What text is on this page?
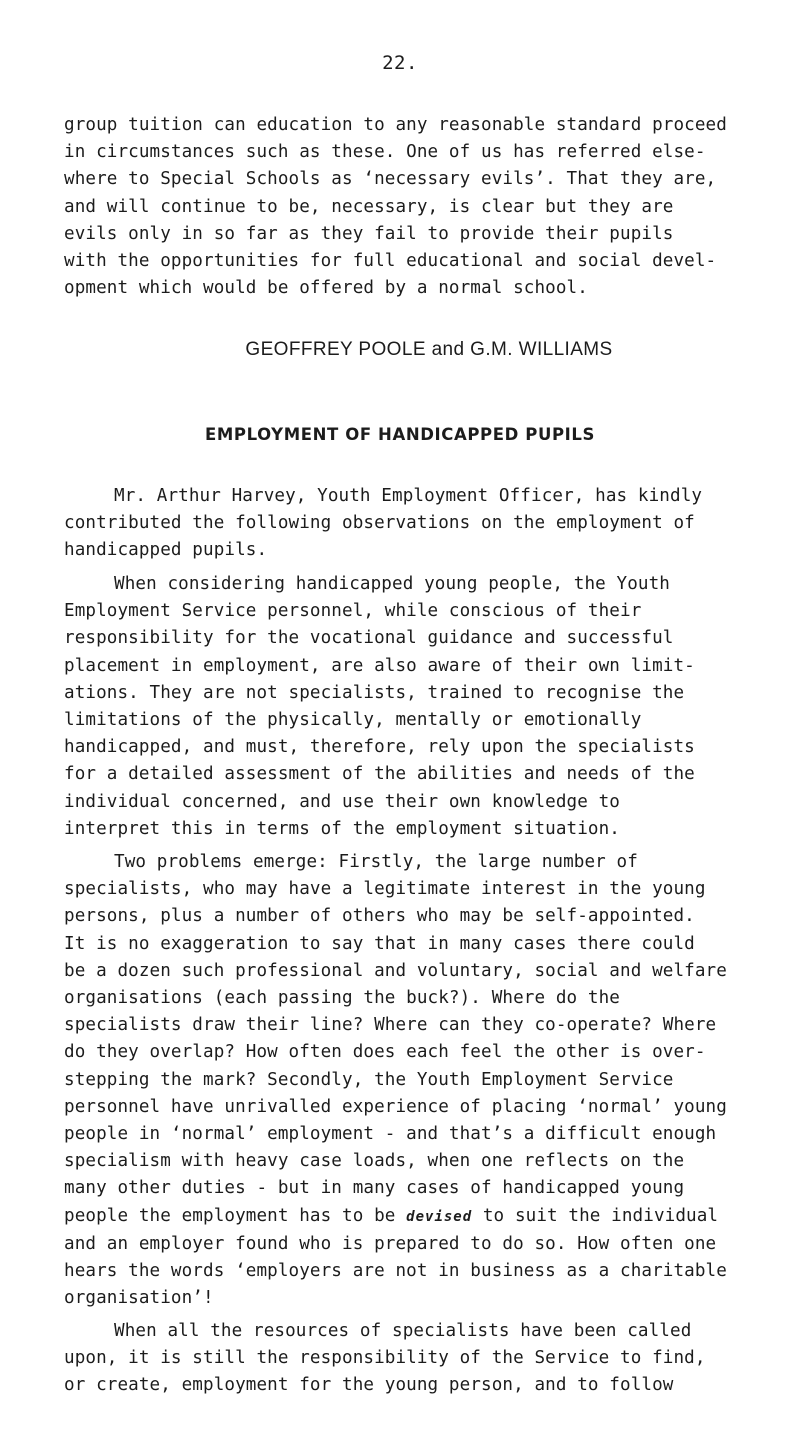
22.
group tuition can education to any reasonable standard proceed
in circumstances such as these. One of us has referred else-
where to Special Schools as ‘necessary evils’. That they are,
and will continue to be, necessary, is clear but they are
evils only in so far as they fail to provide their pupils
with the opportunities for full educational and social devel-
opment which would be offered by a normal school.
GEOFFREY POOLE and G.M. WILLIAMS
EMPLOYMENT OF HANDICAPPED PUPILS
Mr. Arthur Harvey, Youth Employment Officer, has kindly
contributed the following observations on the employment of
handicapped pupils.
When considering handicapped young people, the Youth
Employment Service personnel, while conscious of their
responsibility for the vocational guidance and successful
placement in employment, are also aware of their own limit-
ations. They are not specialists, trained to recognise the
limitations of the physically, mentally or emotionally
handicapped, and must, therefore, rely upon the specialists
for a detailed assessment of the abilities and needs of the
individual concerned, and use their own knowledge to
interpret this in terms of the employment situation.
Two problems emerge: Firstly, the large number of
specialists, who may have a legitimate interest in the young
persons, plus a number of others who may be self-appointed.
It is no exaggeration to say that in many cases there could
be a dozen such professional and voluntary, social and welfare
organisations (each passing the buck?). Where do the
specialists draw their line? Where can they co-operate? Where
do they overlap? How often does each feel the other is over-
stepping the mark? Secondly, the Youth Employment Service
personnel have unrivalled experience of placing ‘normal’ young
people in ‘normal’ employment - and that’s a difficult enough
specialism with heavy case loads, when one reflects on the
many other duties - but in many cases of handicapped young
people the employment has to be devised to suit the individual
and an employer found who is prepared to do so. How often one
hears the words ‘employers are not in business as a charitable
organisation’!
When all the resources of specialists have been called
upon, it is still the responsibility of the Service to find,
or create, employment for the young person, and to follow
